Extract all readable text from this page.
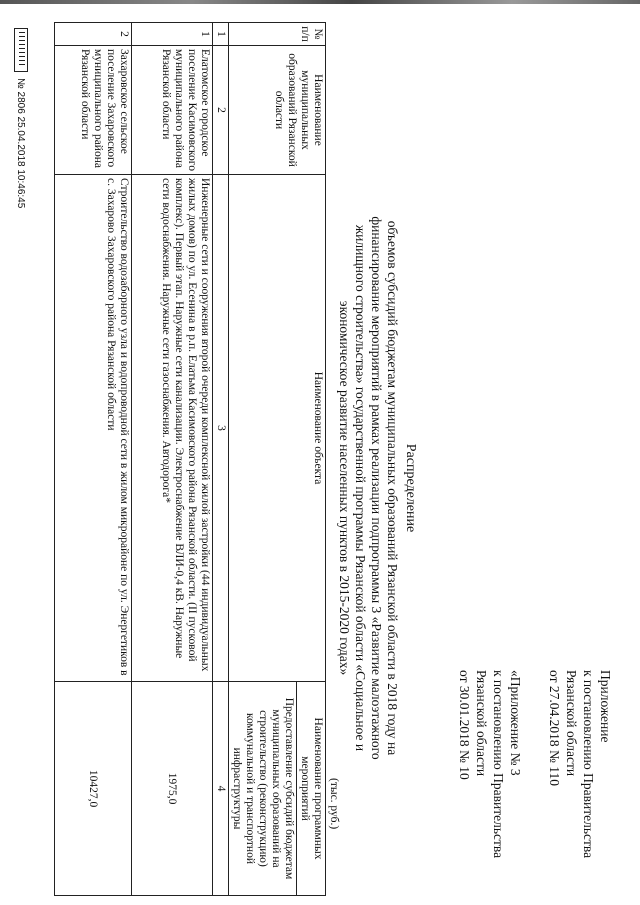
Приложение
к постановлению Правительства
Рязанской области
от 27.04.2018 № 110
«Приложение № 3
к постановлению Правительства
Рязанской области
от 30.01.2018 № 10
Распределение
объемов субсидий бюджетам муниципальных образований Рязанской области в 2018 году на
финансирование мероприятий в рамках реализации подпрограммы 3 «Развитие малоэтажного
жилищного строительства» государственной программы Рязанской области «Социальное и
экономическое развитие населенных пунктов в 2015-2020 годах»
(тыс. руб.)
№ п/п	Наименование муниципальных образований Рязанской области	Наименование объекта	Наименование программных мероприятий
			Предоставление субсидий бюджетам муниципальных образований на строительство (реконструкцию) коммунальной и транспортной инфраструктуры
1	2	3	4
1	Елатомское городское поселение Касимовского муниципального района Рязанской области	Инженерные сети и сооружения второй очереди комплексной жилой застройки (44 индивидуальных жилых домов) по ул. Есенина в р.п. Елатьма Касимовского района Рязанской области. (II пусковой комплекс). Первый этап. Наружные сети канализации. Электроснабжение ВЛИ-0,4 кВ. Наружные сети водоснабжения. Наружные сети газоснабжения. Автодорога*	1975,0
2	Захаровское сельское поселение Захаровского муниципального района Рязанской области	Строительство водозаборного узла и водопроводной сети в жилом микрорайоне по ул. Энергетиков в с. Захарово Захаровского района Рязанской области	10427,0
№ 2806 25.04.2018 10:46:45
